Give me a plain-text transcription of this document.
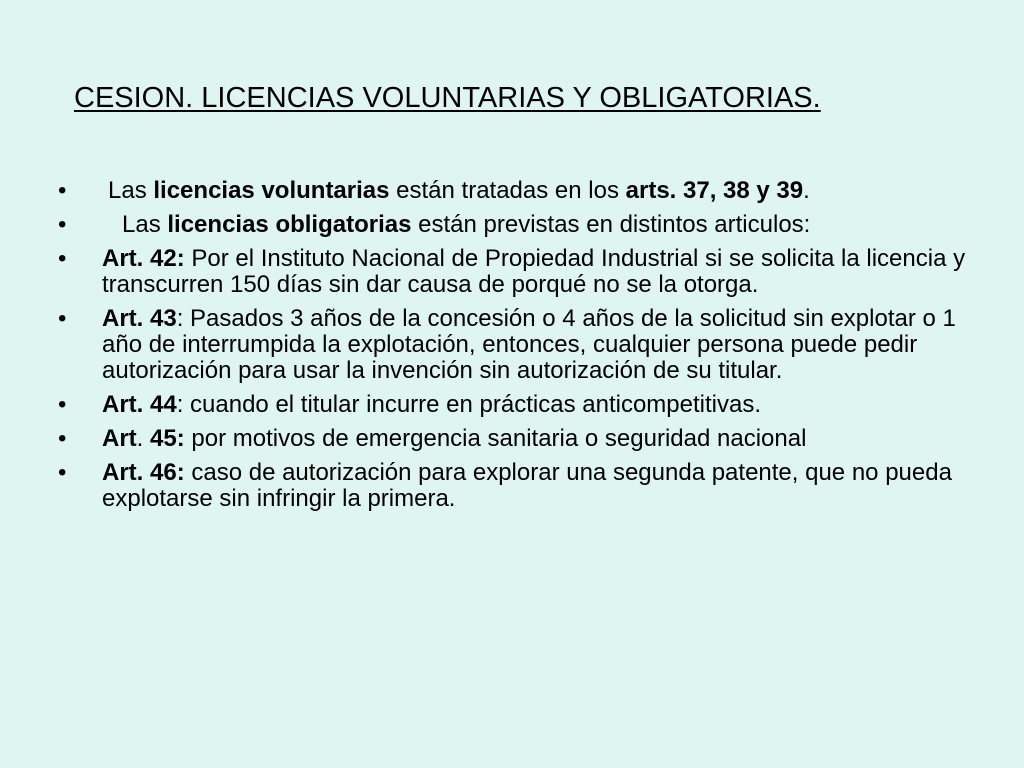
CESION. LICENCIAS VOLUNTARIAS Y OBLIGATORIAS.
•	Las licencias voluntarias están tratadas en los arts. 37, 38 y 39.
•	Las licencias obligatorias están previstas en distintos articulos:
•	Art. 42: Por el Instituto Nacional de Propiedad Industrial si se solicita la licencia y transcurren 150 días sin dar causa de porqué no se la otorga.
•	Art. 43: Pasados 3 años de la concesión o 4 años de la solicitud sin explotar o 1 año de interrumpida la explotación, entonces, cualquier persona puede pedir autorización para usar la invención sin autorización de su titular.
•	Art. 44: cuando el titular incurre en prácticas anticompetitivas.
•	Art. 45: por motivos de emergencia sanitaria o seguridad nacional
•	Art. 46: caso de autorización para explorar una segunda patente, que no pueda explotarse sin infringir la primera.
